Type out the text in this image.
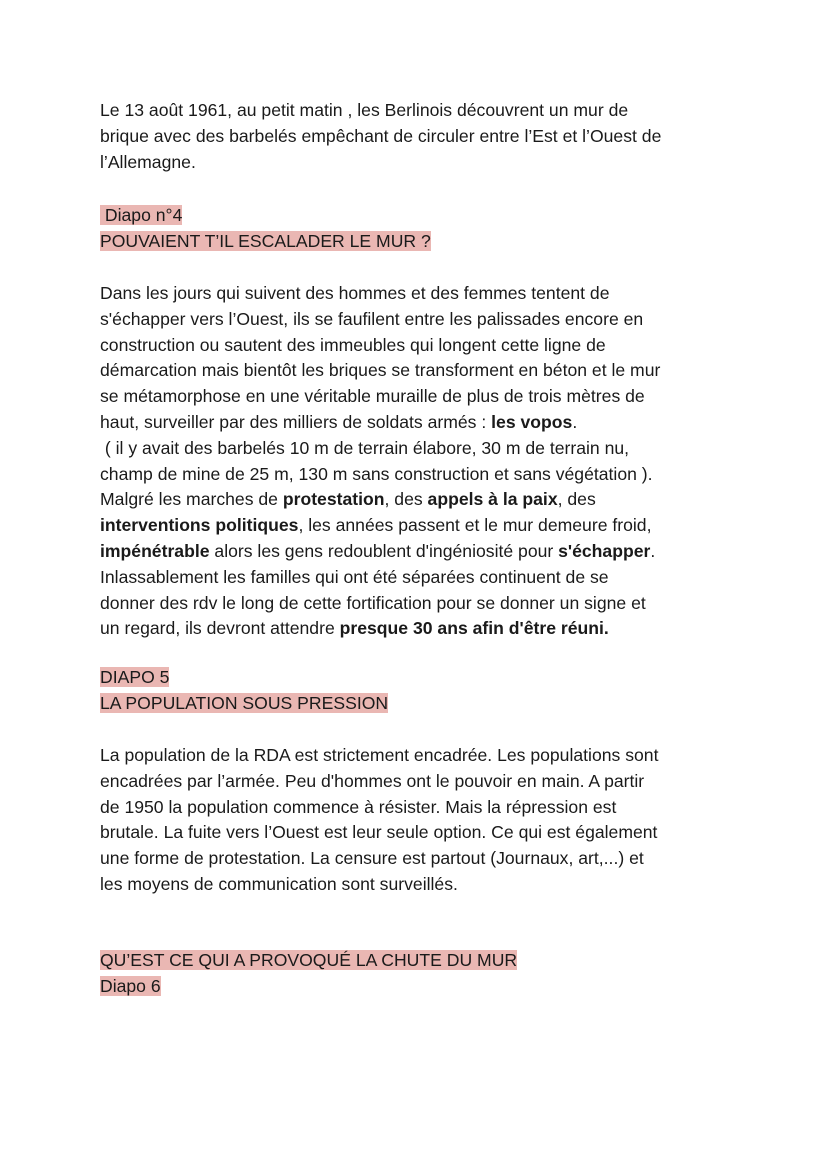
Le 13 août 1961, au petit matin , les Berlinois découvrent un mur de
brique avec des barbelés empêchant de circuler entre l’Est et l’Ouest de
l’Allemagne.

Diapo n°4
POUVAIENT T’IL ESCALADER LE MUR ?

Dans les jours qui suivent des hommes et des femmes tentent de
s'échapper vers l’Ouest, ils se faufilent entre les palissades encore en
construction ou sautent des immeubles qui longent cette ligne de
démarcation mais bientôt les briques se transforment en béton et le mur
se métamorphose en une véritable muraille de plus de trois mètres de
haut, surveiller par des milliers de soldats armés : les vopos.
( il y avait des barbelés 10 m de terrain élabore, 30 m de terrain nu,
champ de mine de 25 m, 130 m sans construction et sans végétation ).
Malgré les marches de protestation, des appels à la paix, des
interventions politiques, les années passent et le mur demeure froid,
impénétrable alors les gens redoublent d'ingéniosité pour s'échapper.
Inlassablement les familles qui ont été séparées continuent de se
donner des rdv le long de cette fortification pour se donner un signe et
un regard, ils devront attendre presque 30 ans afin d'être réuni.

DIAPO 5
LA POPULATION SOUS PRESSION

La population de la RDA est strictement encadrée. Les populations sont
encadrées par l’armée. Peu d'hommes ont le pouvoir en main. A partir
de 1950 la population commence à résister. Mais la répression est
brutale. La fuite vers l’Ouest est leur seule option. Ce qui est également
une forme de protestation. La censure est partout (Journaux, art,...) et
les moyens de communication sont surveillés.

QU’EST CE QUI A PROVOQUÉ LA CHUTE DU MUR
Diapo 6
